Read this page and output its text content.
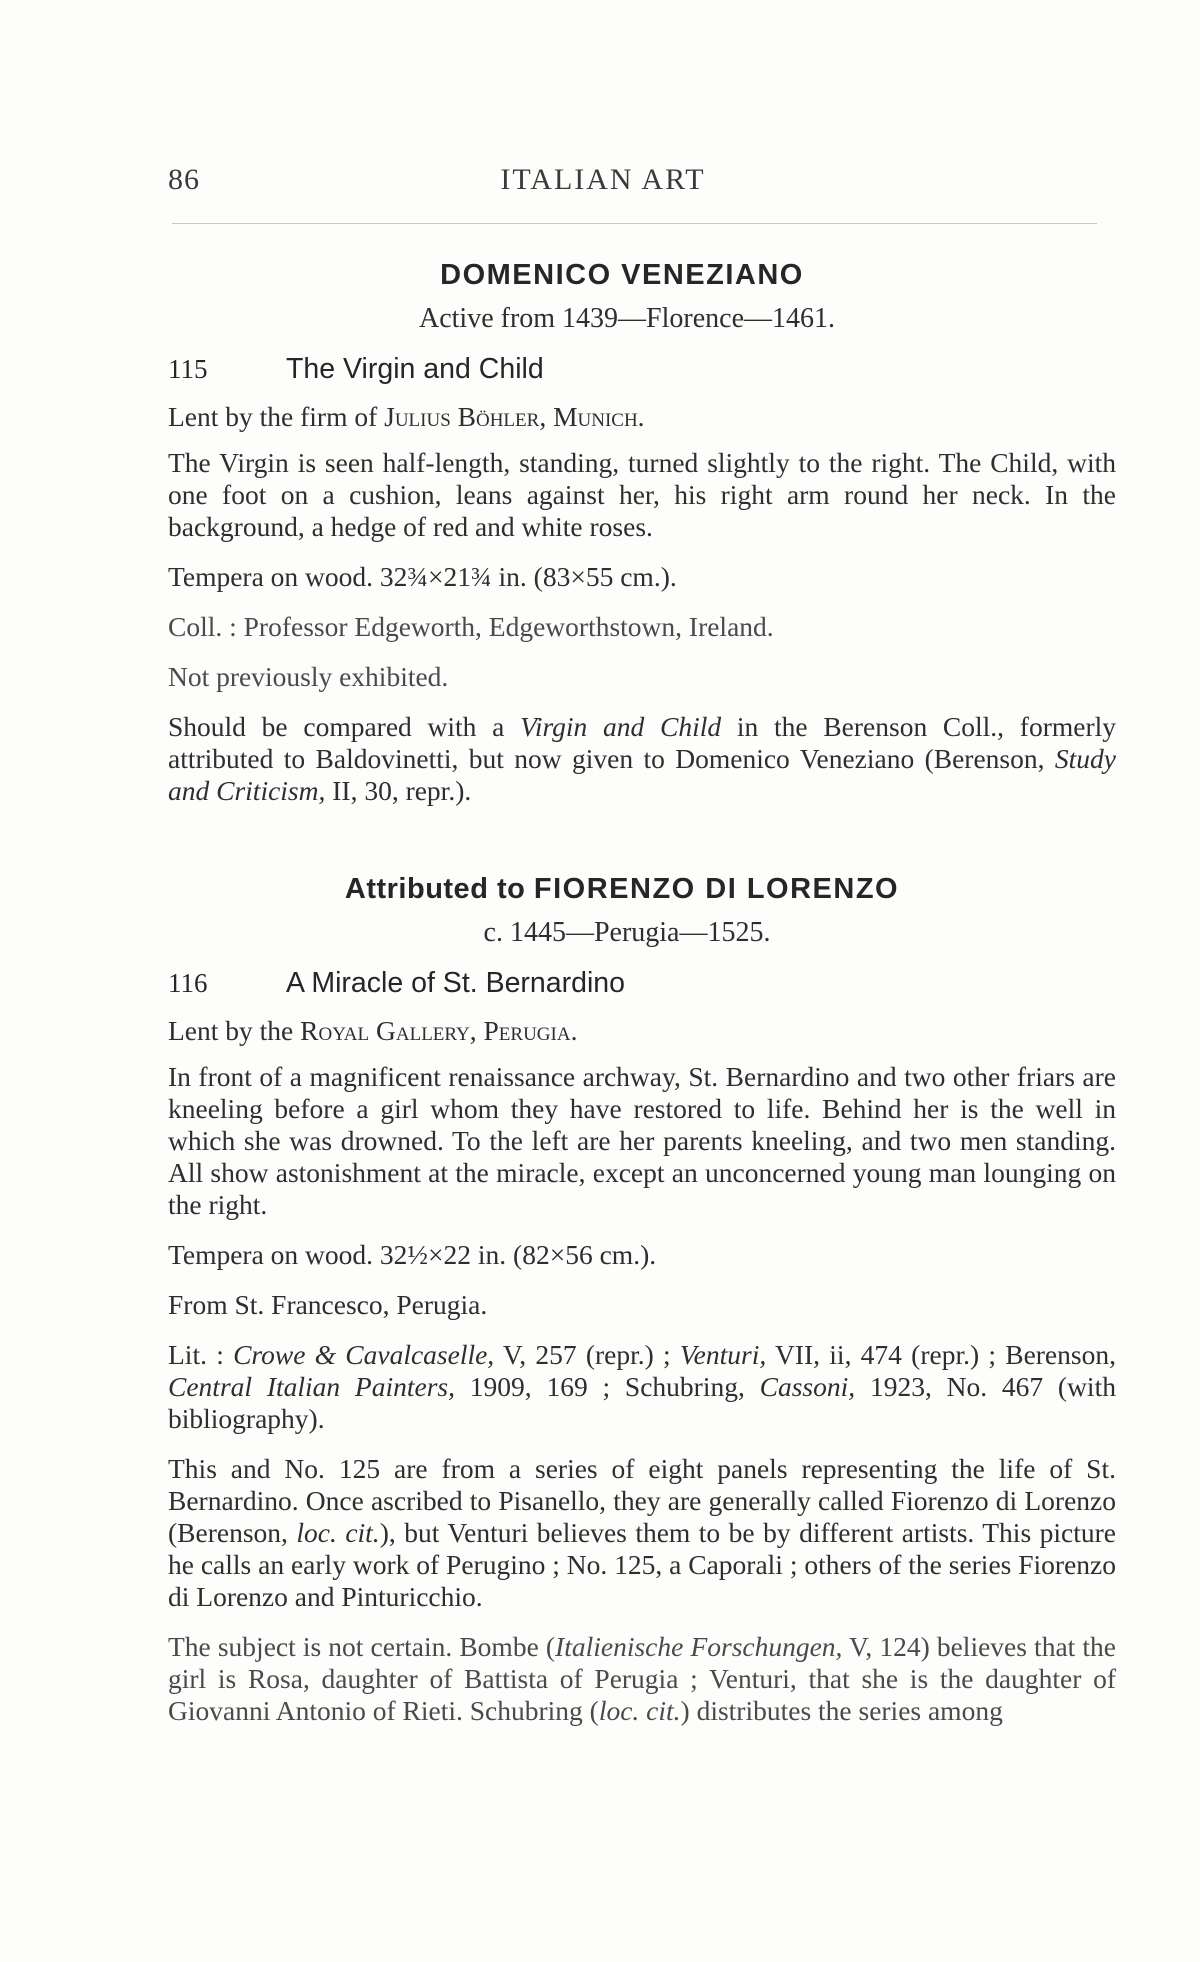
86	ITALIAN ART
DOMENICO VENEZIANO

Active from 1439—Florence—1461.

115	The Virgin and Child

Lent by the firm of Julius Böhler, Munich.

The Virgin is seen half-length, standing, turned slightly to the right. The Child, with one foot on a cushion, leans against her, his right arm round her neck. In the background, a hedge of red and white roses.

Tempera on wood. 32¾×21¾ in. (83×55 cm.).

Coll. : Professor Edgeworth, Edgeworthstown, Ireland.

Not previously exhibited.

Should be compared with a Virgin and Child in the Berenson Coll., formerly attributed to Baldovinetti, but now given to Domenico Veneziano (Berenson, Study and Criticism, II, 30, repr.).

Attributed to FIORENZO DI LORENZO

c. 1445—Perugia—1525.

116	A Miracle of St. Bernardino

Lent by the Royal Gallery, Perugia.

In front of a magnificent renaissance archway, St. Bernardino and two other friars are kneeling before a girl whom they have restored to life. Behind her is the well in which she was drowned. To the left are her parents kneeling, and two men standing. All show astonishment at the miracle, except an unconcerned young man lounging on the right.

Tempera on wood. 32½×22 in. (82×56 cm.).

From St. Francesco, Perugia.

Lit. : Crowe & Cavalcaselle, V, 257 (repr.) ; Venturi, VII, ii, 474 (repr.) ; Berenson, Central Italian Painters, 1909, 169 ; Schubring, Cassoni, 1923, No. 467 (with bibliography).

This and No. 125 are from a series of eight panels representing the life of St. Bernardino. Once ascribed to Pisanello, they are generally called Fiorenzo di Lorenzo (Berenson, loc. cit.), but Venturi believes them to be by different artists. This picture he calls an early work of Perugino ; No. 125, a Caporali ; others of the series Fiorenzo di Lorenzo and Pinturicchio.

The subject is not certain. Bombe (Italienische Forschungen, V, 124) believes that the girl is Rosa, daughter of Battista of Perugia ; Venturi, that she is the daughter of Giovanni Antonio of Rieti. Schubring (loc. cit.) distributes the series among
